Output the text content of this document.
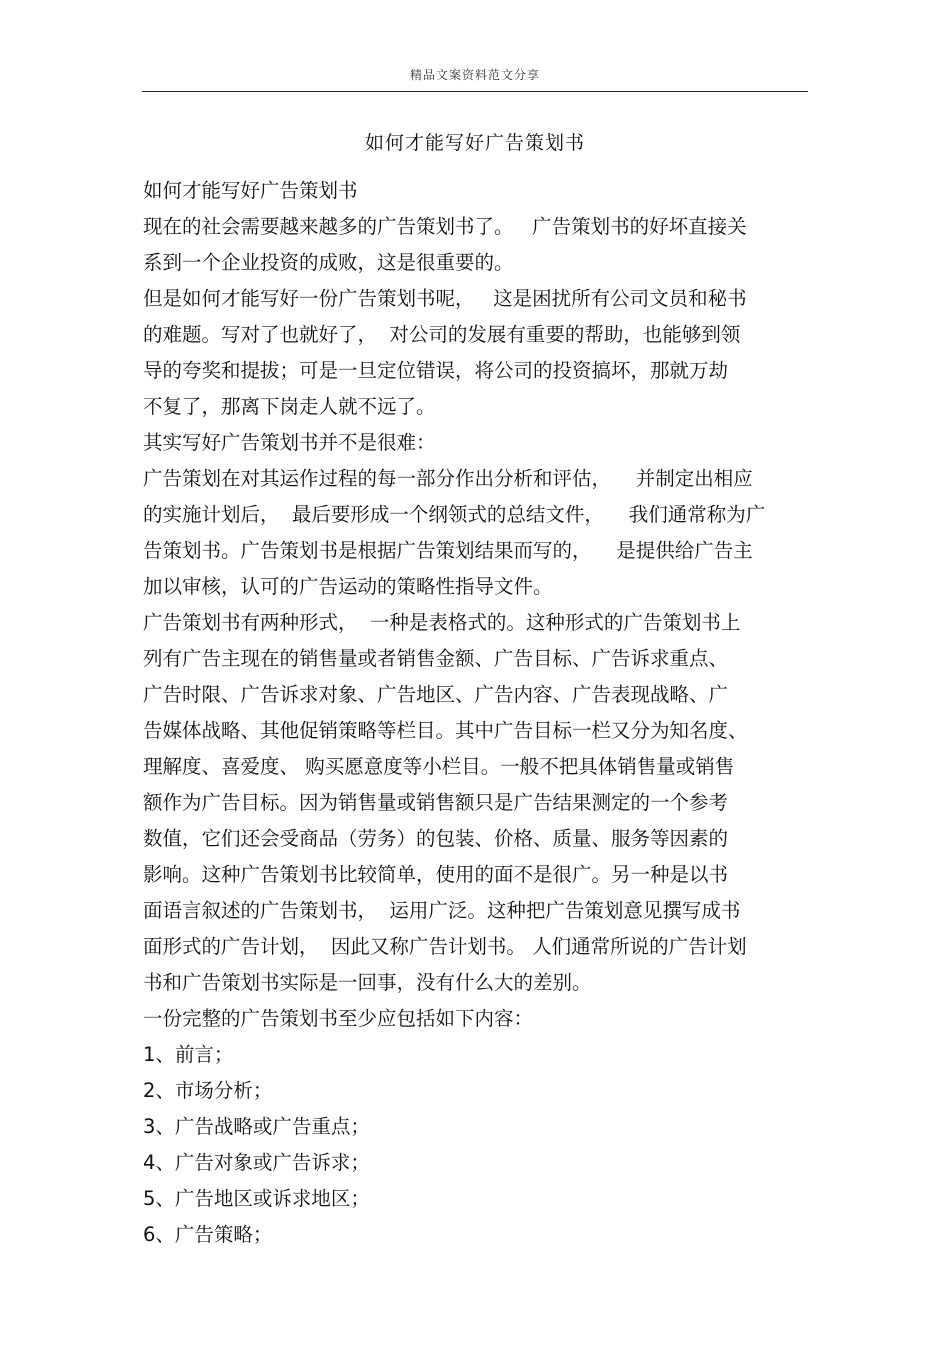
精品文案资料范文分享
如何才能写好广告策划书
如何才能写好广告策划书
现在的社会需要越来越多的广告策划书了。   广告策划书的好坏直接关
系到一个企业投资的成败，这是很重要的。
但是如何才能写好一份广告策划书呢，   这是困扰所有公司文员和秘书
的难题。写对了也就好了，  对公司的发展有重要的帮助，也能够到领
导的夸奖和提拔；可是一旦定位错误，将公司的投资搞坏，那就万劫
不复了，那离下岗走人就不远了。
其实写好广告策划书并不是很难：
广告策划在对其运作过程的每一部分作出分析和评估，    并制定出相应
的实施计划后，  最后要形成一个纲领式的总结文件，    我们通常称为广
告策划书。广告策划书是根据广告策划结果而写的，    是提供给广告主
加以审核，认可的广告运动的策略性指导文件。
广告策划书有两种形式，  一种是表格式的。这种形式的广告策划书上
列有广告主现在的销售量或者销售金额、广告目标、广告诉求重点、
广告时限、广告诉求对象、广告地区、广告内容、广告表现战略、广
告媒体战略、其他促销策略等栏目。其中广告目标一栏又分为知名度、
理解度、喜爱度、 购买愿意度等小栏目。一般不把具体销售量或销售
额作为广告目标。因为销售量或销售额只是广告结果测定的一个参考
数值，它们还会受商品（劳务）的包装、价格、质量、服务等因素的
影响。这种广告策划书比较简单，使用的面不是很广。另一种是以书
面语言叙述的广告策划书，  运用广泛。这种把广告策划意见撰写成书
面形式的广告计划，  因此又称广告计划书。 人们通常所说的广告计划
书和广告策划书实际是一回事，没有什么大的差别。
一份完整的广告策划书至少应包括如下内容：
1、前言；
2、市场分析；
3、广告战略或广告重点；
4、广告对象或广告诉求；
5、广告地区或诉求地区；
6、广告策略；
